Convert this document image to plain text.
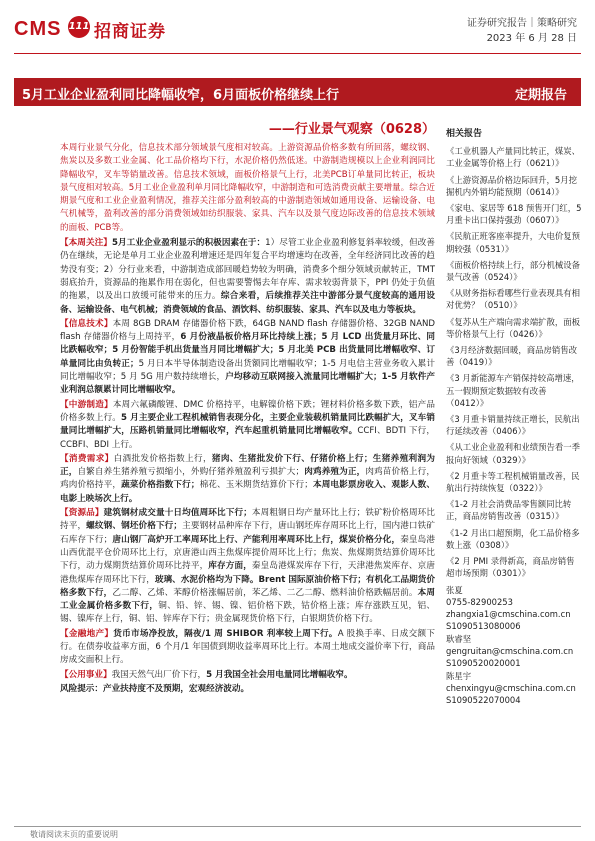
CMS 111 招商证券	证券研究报告｜策略研究
2023 年 6 月 28 日
5月工业企业盈利同比降幅收窄，6月面板价格继续上行	定期报告
——行业景气观察（0628）

本周行业景气分化，信息技术部分领域景气度相对较高。上游资源品价格多数有所回落，螺纹钢、焦炭以及多数工业金属、化工品价格均下行，水泥价格仍然低迷。中游制造规模以上企业利润同比降幅收窄，叉车等销量改善。信息技术领域，面板价格景气上行，北美PCB订单量同比转正，板块景气度相对较高。5月工业企业盈利单月同比降幅收窄，中游制造和可选消费贡献主要增量。综合近期景气度和工业企业盈利情况，推荐关注部分盈利较高的中游制造领域如通用设备、运输设备、电气机械等，盈利改善的部分消费领域如纺织服装、家具、汽车以及景气度边际改善的信息技术领域的面板、PCB等。

【本周关注】5月工业企业盈利显示的积极因素在于：1）尽管工业企业盈利修复斜率较缓，但改善仍在继续，无论是单月工业企业盈利增速还是四年复合平均增速均在改善，全年经济同比改善的趋势没有变；2）分行业来看，中游制造成部回暖趋势较为明确，消费多个细分领域贡献转正，TMT 弱底抬升，资源品的拖累作用在弱化，但也需要警惕去年存库、需求较弱背景下，PPI 仍处于负值的拖累，以及出口放缓可能带来的压力。综合来看，后续推荐关注中游部分景气度较高的通用设备、运输设备、电气机械；消费领域的食品、酒饮料、纺织服装、家具、汽车以及电力等板块。

【信息技术】本周 8GB DRAM 存储器价格下跌，64GB NAND flash 存储器价格、32GB NAND flash 存储器价格与上周持平，6 月份液晶板价格月环比持续上涨；5 月 LCD 出货量月环比、同比跌幅收窄；5 月份智能手机出货量当月同比增幅扩大；5 月北美 PCB 出货量同比增幅收窄、订单量同比由负转正；5 月日本半导体制造设备出货额同比增幅收窄；1-5 月电信主营业务收入累计同比增幅收窄；5 月 5G 用户数持续增长，户均移动互联网接入流量同比增幅扩大；1-5 月软件产业利润总额累计同比增幅收窄。

【中游制造】本周六氟磷酸锂、DMC 价格持平，电解镍价格下跌；锂材料价格多数下跌，铝产品价格多数上行。5 月主要企业工程机械销售表现分化，主要企业装载机销量同比跌幅扩大，叉车销量同比增幅扩大，压路机销量同比增幅收窄，汽车起重机销量同比增幅收窄。CCFI、BDTI 下行，CCBFI、BDI 上行。

【消费需求】白酒批发价格指数上行，猪肉、生猪批发价下行、仔猪价格上行；生猪养殖利润为正，自繁自养生猪养殖亏损缩小，外购仔猪养殖盈利亏损扩大；肉鸡养殖为正，肉鸡苗价格上行，鸡肉价格持平，蔬菜价格指数下行；棉花、玉米期货结算价下行；本周电影票房收入、观影人数、电影上映场次上行。

【资源品】建筑钢材成交量十日均值周环比下行；本周粗钢日均产量环比上行；铁矿粉价格周环比持平，螺纹钢、钢坯价格下行；主要钢材品种库存下行，唐山钢坯库存周环比上行，国内港口铁矿石库存下行；唐山钢厂高炉开工率周环比上行、产能利用率周环比上行，煤炭价格分化，秦皇岛港山西优混平仓价周环比上行，京唐港山西主焦煤库提价周环比上行；焦炭、焦煤期货结算价周环比下行，动力煤期货结算价周环比持平，库存方面，秦皇岛港煤炭库存下行，天津港焦炭库存、京唐港焦煤库存周环比下行，玻璃、水泥价格均为下降。Brent 国际原油价格下行；有机化工品期货价格多数下行，乙二醇、乙烯、苯醇价格涨幅居前，苯乙烯、二乙二醇、燃料油价格跌幅居前。本周工业金属价格多数下行，铜、铅、锌、锡、镍、铝价格下跌，钴价格上涨；库存涨跌互见，铝、锡、镍库存上行，铜、铝、锌库存下行；贵金属现货价格下行，白银期货价格下行。

【金融地产】货币市场净投放，隔夜/1 周 SHIBOR 利率较上周下行。A 股换手率、日成交额下行。在债券收益率方面，6 个月/1 年国债到期收益率周环比上行。本周土地成交溢价率下行，商品房成交面积上行。

【公用事业】我国天然气出厂价下行，5 月我国全社会用电量同比增幅收窄。

风险提示：产业扶持度不及预期，宏观经济波动。

相关报告
《工业机器人产量同比转正，煤炭、工业金属等价格上行（0621）》
《上游资源品价格边际回升，5月挖掘机内外销均能预期（0614）》
《家电、家居等 618 预售开门红，5 月重卡出口保持强劲（0607）》
《民航正班客座率提升，大电价复预期较强（0531）》
《面板价格持续上行，部分机械设备景气改善（0524）》
《从财务指标看哪些行业表现具有相对优势？（0510）》
《复苏从生产端向需求端扩散，面板等价格景气上行（0426）》
《3月经济数据回暖，商品房销售改善（0419）》
《3 月新能源车产销保持较高增速，五一假期预定数据较有改善（0412）》
《3 月重卡销量持续正增长，民航出行延续改善（0406）》
《从工业企业盈利和业绩预告看一季报向好领域（0329）》
《2 月重卡等工程机械销量改善，民航出行持续恢复（0322）》
《1-2 月社会消费品零售额同比转正，商品房销售改善（0315）》
《1-2 月出口超预期，化工品价格多数上涨（0308）》
《2 月 PMI 录得新高，商品房销售超市场预期（0301）》
张夏
0755-82900253
zhangxia1@cmschina.com.cn
S1090513080006
耿睿坚
gengruitan@cmschina.com.cn
S1090520020001
陈星宇
chenxingyu@cmschina.com.cn
S1090522070004
敬请阅读末页的重要说明
